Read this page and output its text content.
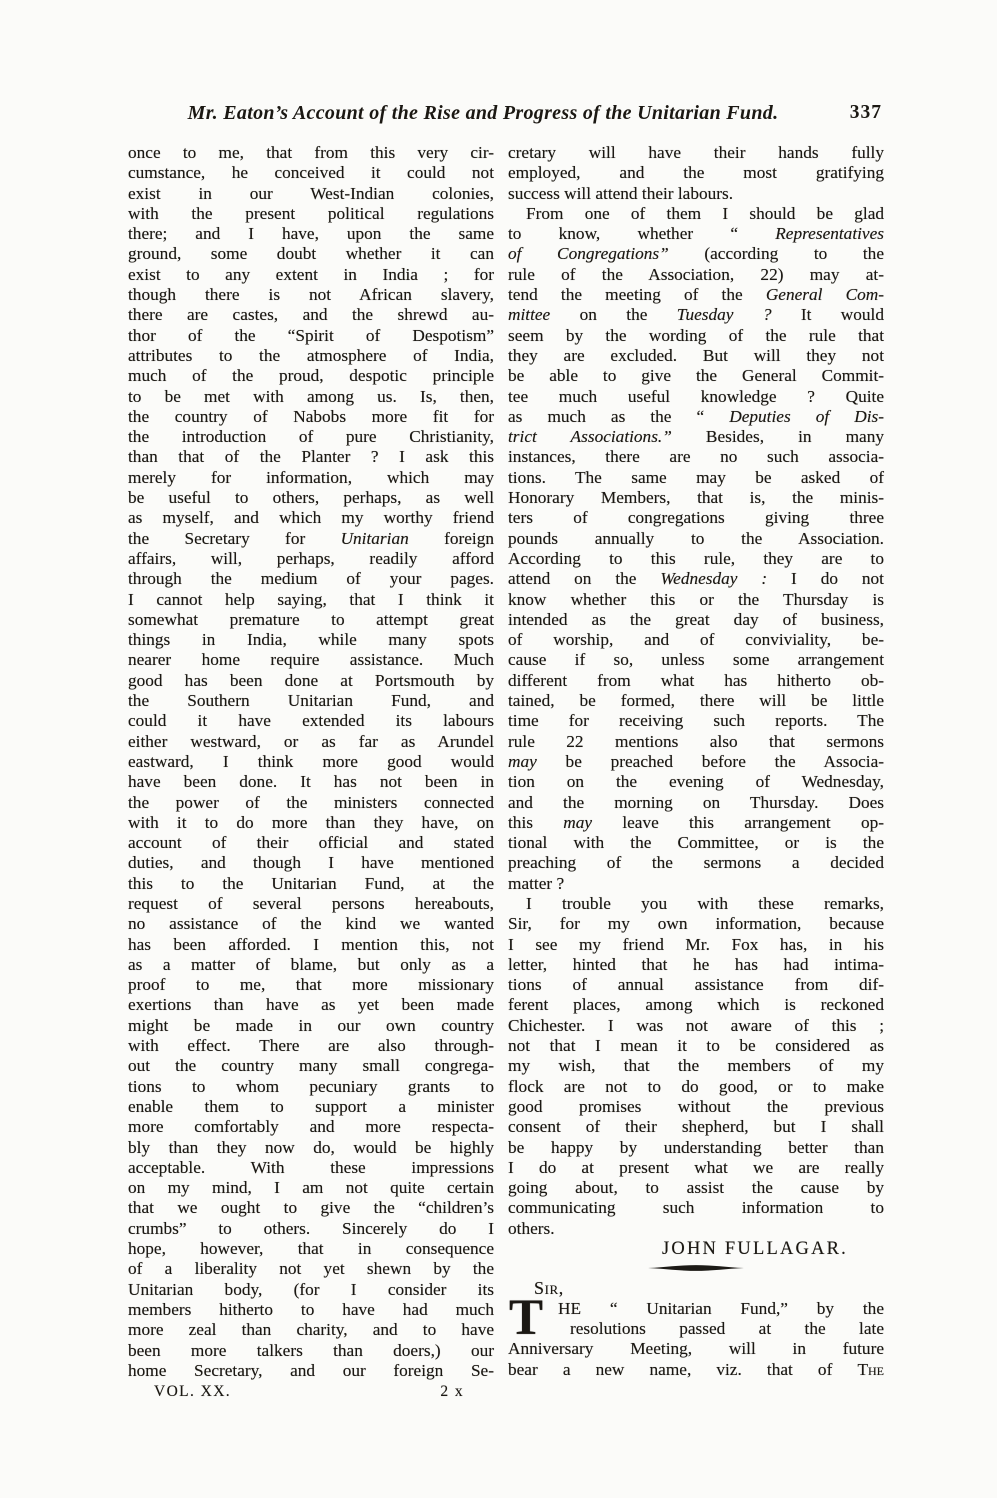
Mr. Eaton’s Account of the Rise and Progress of the Unitarian Fund.	337
once to me, that from this very cir-
cumstance, he conceived it could not
exist in our West-Indian colonies,
with the present political regulations
there; and I have, upon the same
ground, some doubt whether it can
exist to any extent in India ; for
though there is not African slavery,
there are castes, and the shrewd au-
thor of the “Spirit of Despotism”
attributes to the atmosphere of India,
much of the proud, despotic principle
to be met with among us. Is, then,
the country of Nabobs more fit for
the introduction of pure Christianity,
than that of the Planter ? I ask this
merely for information, which may
be useful to others, perhaps, as well
as myself, and which my worthy friend
the Secretary for Unitarian foreign
affairs, will, perhaps, readily afford
through the medium of your pages.
I cannot help saying, that I think it
somewhat premature to attempt great
things in India, while many spots
nearer home require assistance. Much
good has been done at Portsmouth by
the Southern Unitarian Fund, and
could it have extended its labours
either westward, or as far as Arundel
eastward, I think more good would
have been done. It has not been in
the power of the ministers connected
with it to do more than they have, on
account of their official and stated
duties, and though I have mentioned
this to the Unitarian Fund, at the
request of several persons hereabouts,
no assistance of the kind we wanted
has been afforded. I mention this, not
as a matter of blame, but only as a
proof to me, that more missionary
exertions than have as yet been made
might be made in our own country
with effect. There are also through-
out the country many small congrega-
tions to whom pecuniary grants to
enable them to support a minister
more comfortably and more respecta-
bly than they now do, would be highly
acceptable. With these impressions
on my mind, I am not quite certain
that we ought to give the “children’s
crumbs” to others. Sincerely do I
hope, however, that in consequence
of a liberality not yet shewn by the
Unitarian body, (for I consider its
members hitherto to have had much
more zeal than charity, and to have
been more talkers than doers,) our
home Secretary, and our foreign Se-
VOL. XX.	2 x
cretary will have their hands fully
employed, and the most gratifying
success will attend their labours.
From one of them I should be glad
to know, whether “ Representatives
of Congregations” (according to the
rule of the Association, 22) may at-
tend the meeting of the General Com-
mittee on the Tuesday ? It would
seem by the wording of the rule that
they are excluded. But will they not
be able to give the General Commit-
tee much useful knowledge ? Quite
as much as the “ Deputies of Dis-
trict Associations.” Besides, in many
instances, there are no such associa-
tions. The same may be asked of
Honorary Members, that is, the minis-
ters of congregations giving three
pounds annually to the Association.
According to this rule, they are to
attend on the Wednesday : I do not
know whether this or the Thursday is
intended as the great day of business,
of worship, and of conviviality, be-
cause if so, unless some arrangement
different from what has hitherto ob-
tained, be formed, there will be little
time for receiving such reports. The
rule 22 mentions also that sermons
may be preached before the Associa-
tion on the evening of Wednesday,
and the morning on Thursday. Does
this may leave this arrangement op-
tional with the Committee, or is the
preaching of the sermons a decided
matter ?
I trouble you with these remarks,
Sir, for my own information, because
I see my friend Mr. Fox has, in his
letter, hinted that he has had intima-
tions of annual assistance from dif-
ferent places, among which is reckoned
Chichester. I was not aware of this ;
not that I mean it to be considered as
my wish, that the members of my
flock are not to do good, or to make
good promises without the previous
consent of their shepherd, but I shall
be happy by understanding better than
I do at present what we are really
going about, to assist the cause by
communicating such information to
others.
JOHN FULLAGAR.
Sir,
T HE “ Unitarian Fund,” by the
resolutions passed at the late
Anniversary Meeting, will in future
bear a new name, viz. that of The
